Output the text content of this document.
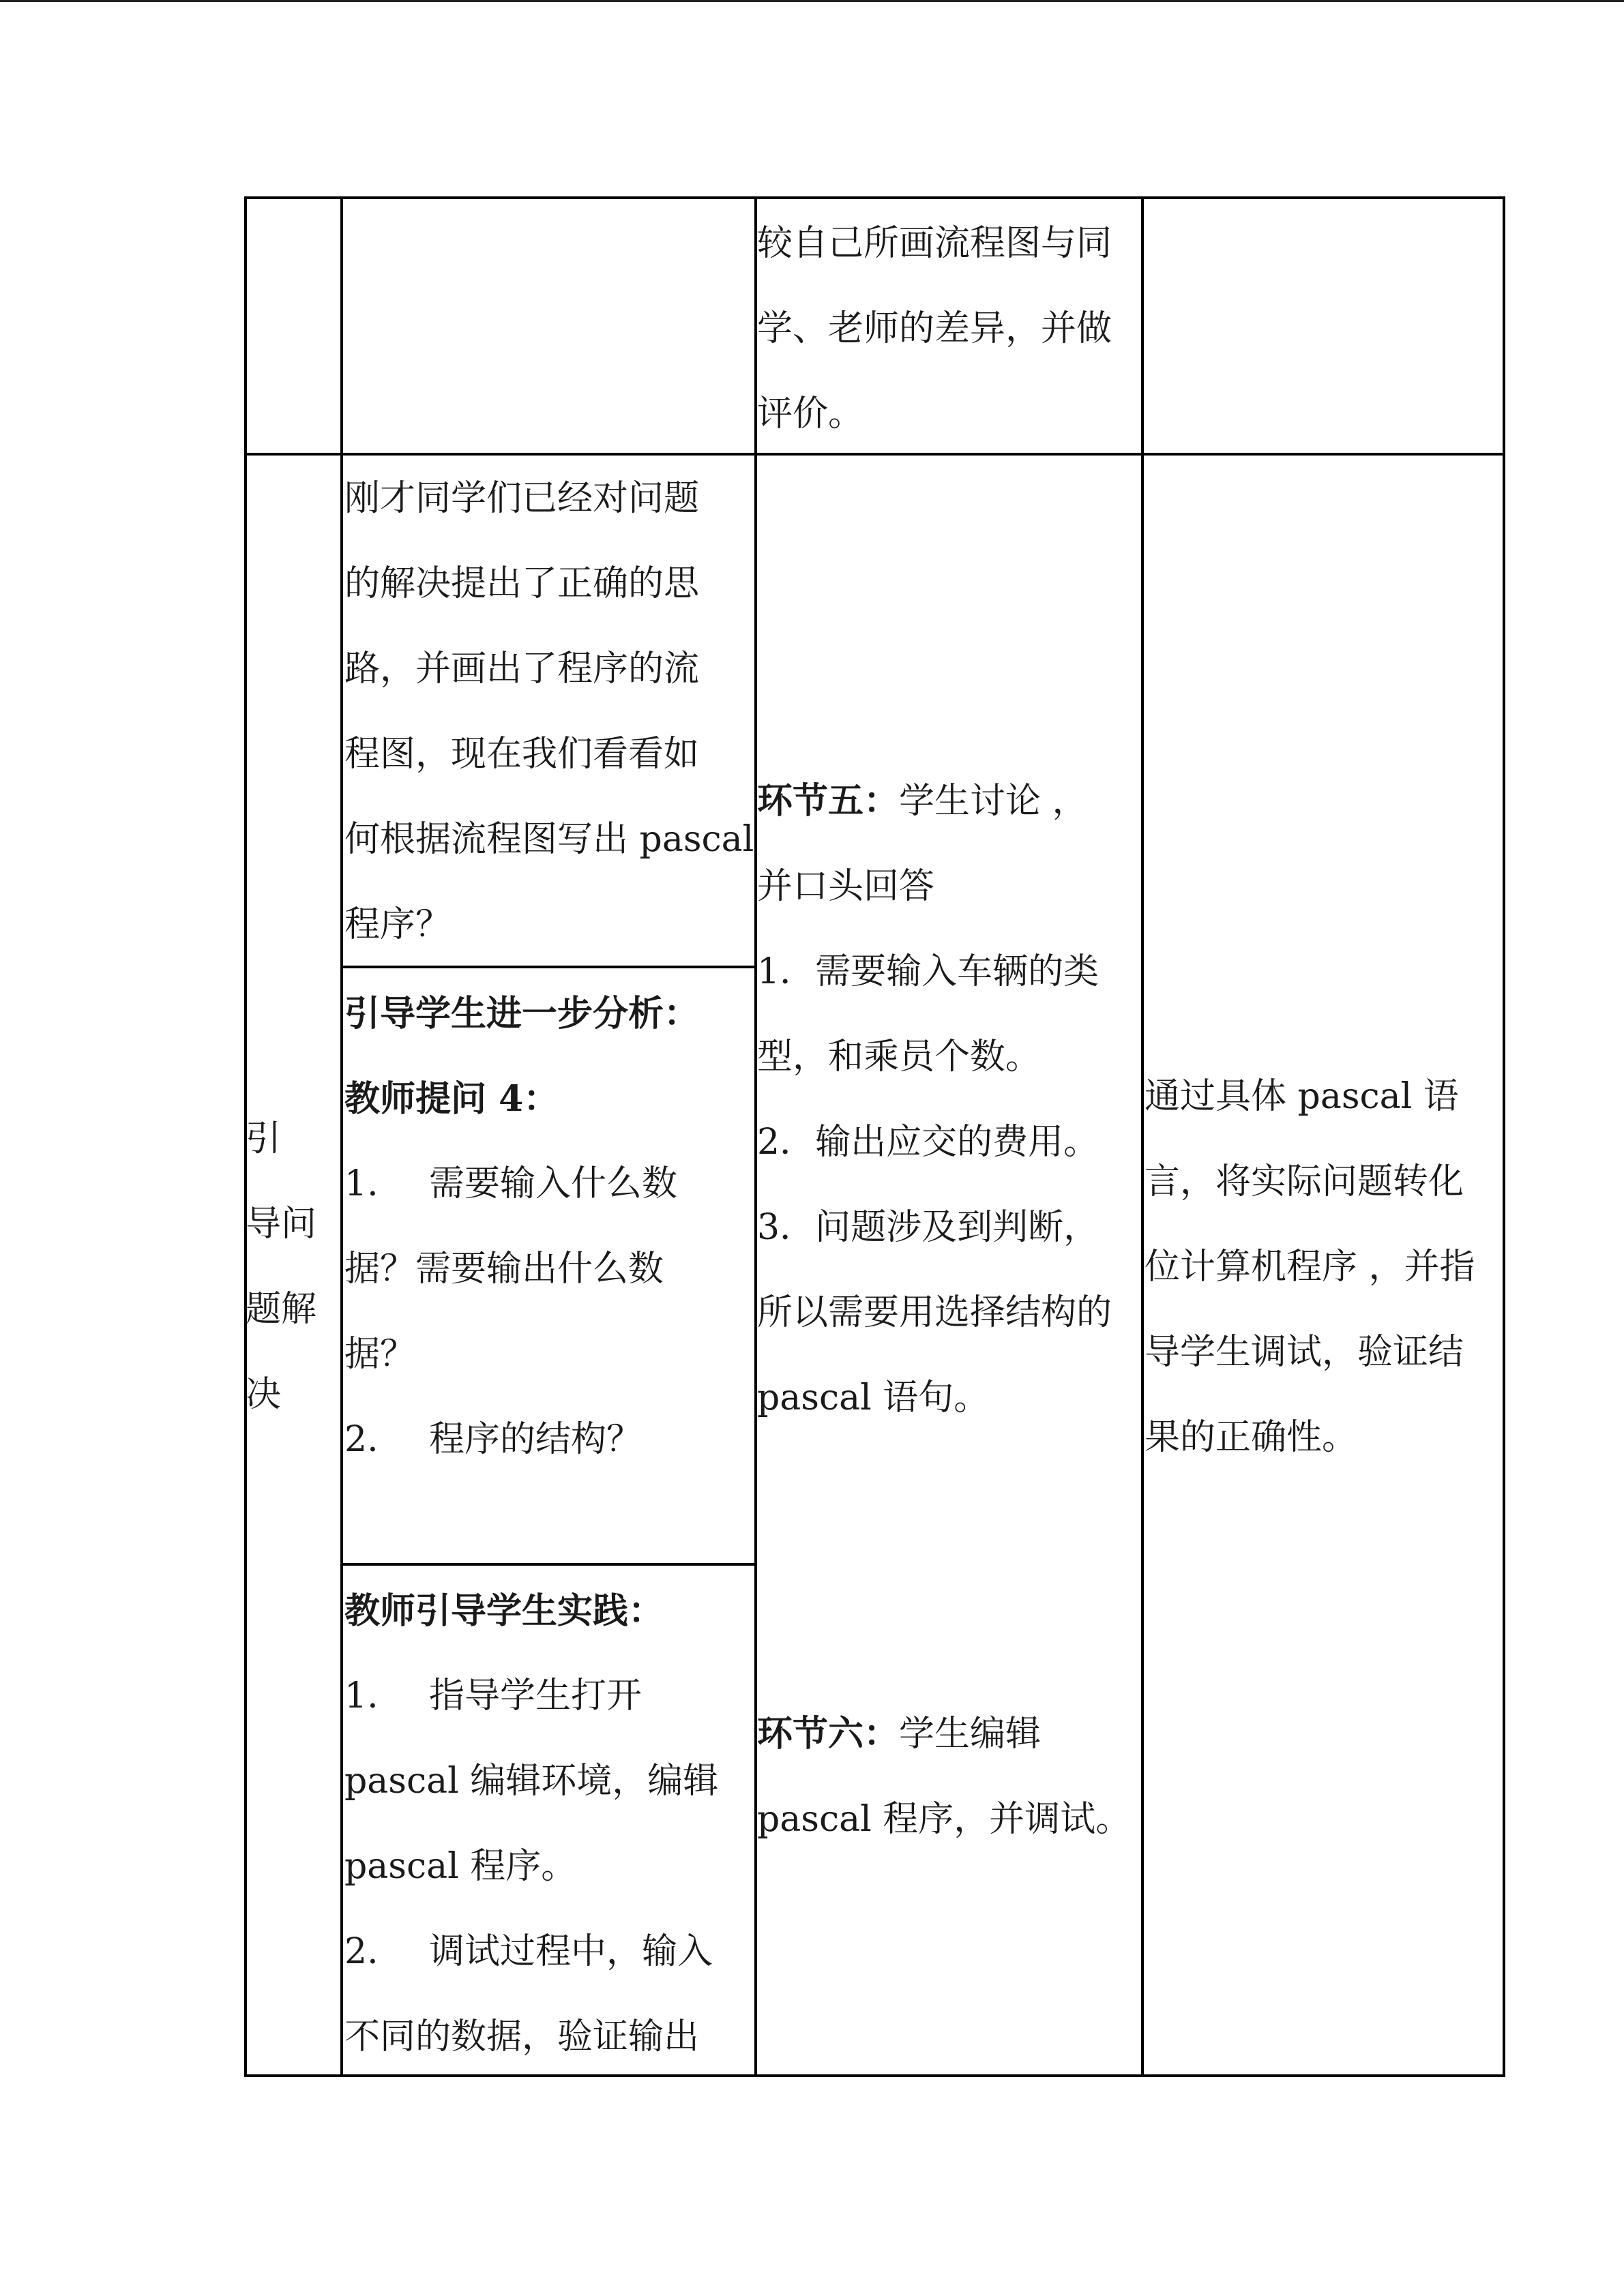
较自己所画流程图与同

学、老师的差异，并做

评价。

引

导问

题解

决

刚才同学们已经对问题

的解决提出了正确的思

路，并画出了程序的流

程图，现在我们看看如

何根据流程图写出 pascal

程序？

引导学生进一步分析：

教师提问 4：

1. 需要输入什么数

据？需要输出什么数

据？

2. 程序的结构？

教师引导学生实践：

1. 指导学生打开

pascal 编辑环境，编辑

pascal 程序。

2. 调试过程中，输入

不同的数据，验证输出

环节五：学生讨论 ，

并口头回答

1．需要输入车辆的类

型，和乘员个数。

2．输出应交的费用。

3．问题涉及到判断，

所以需要用选择结构的

pascal 语句。

环节六：学生编辑

pascal 程序，并调试。

通过具体 pascal 语

言，将实际问题转化

位计算机程序 ，并指

导学生调试，验证结

果的正确性。
